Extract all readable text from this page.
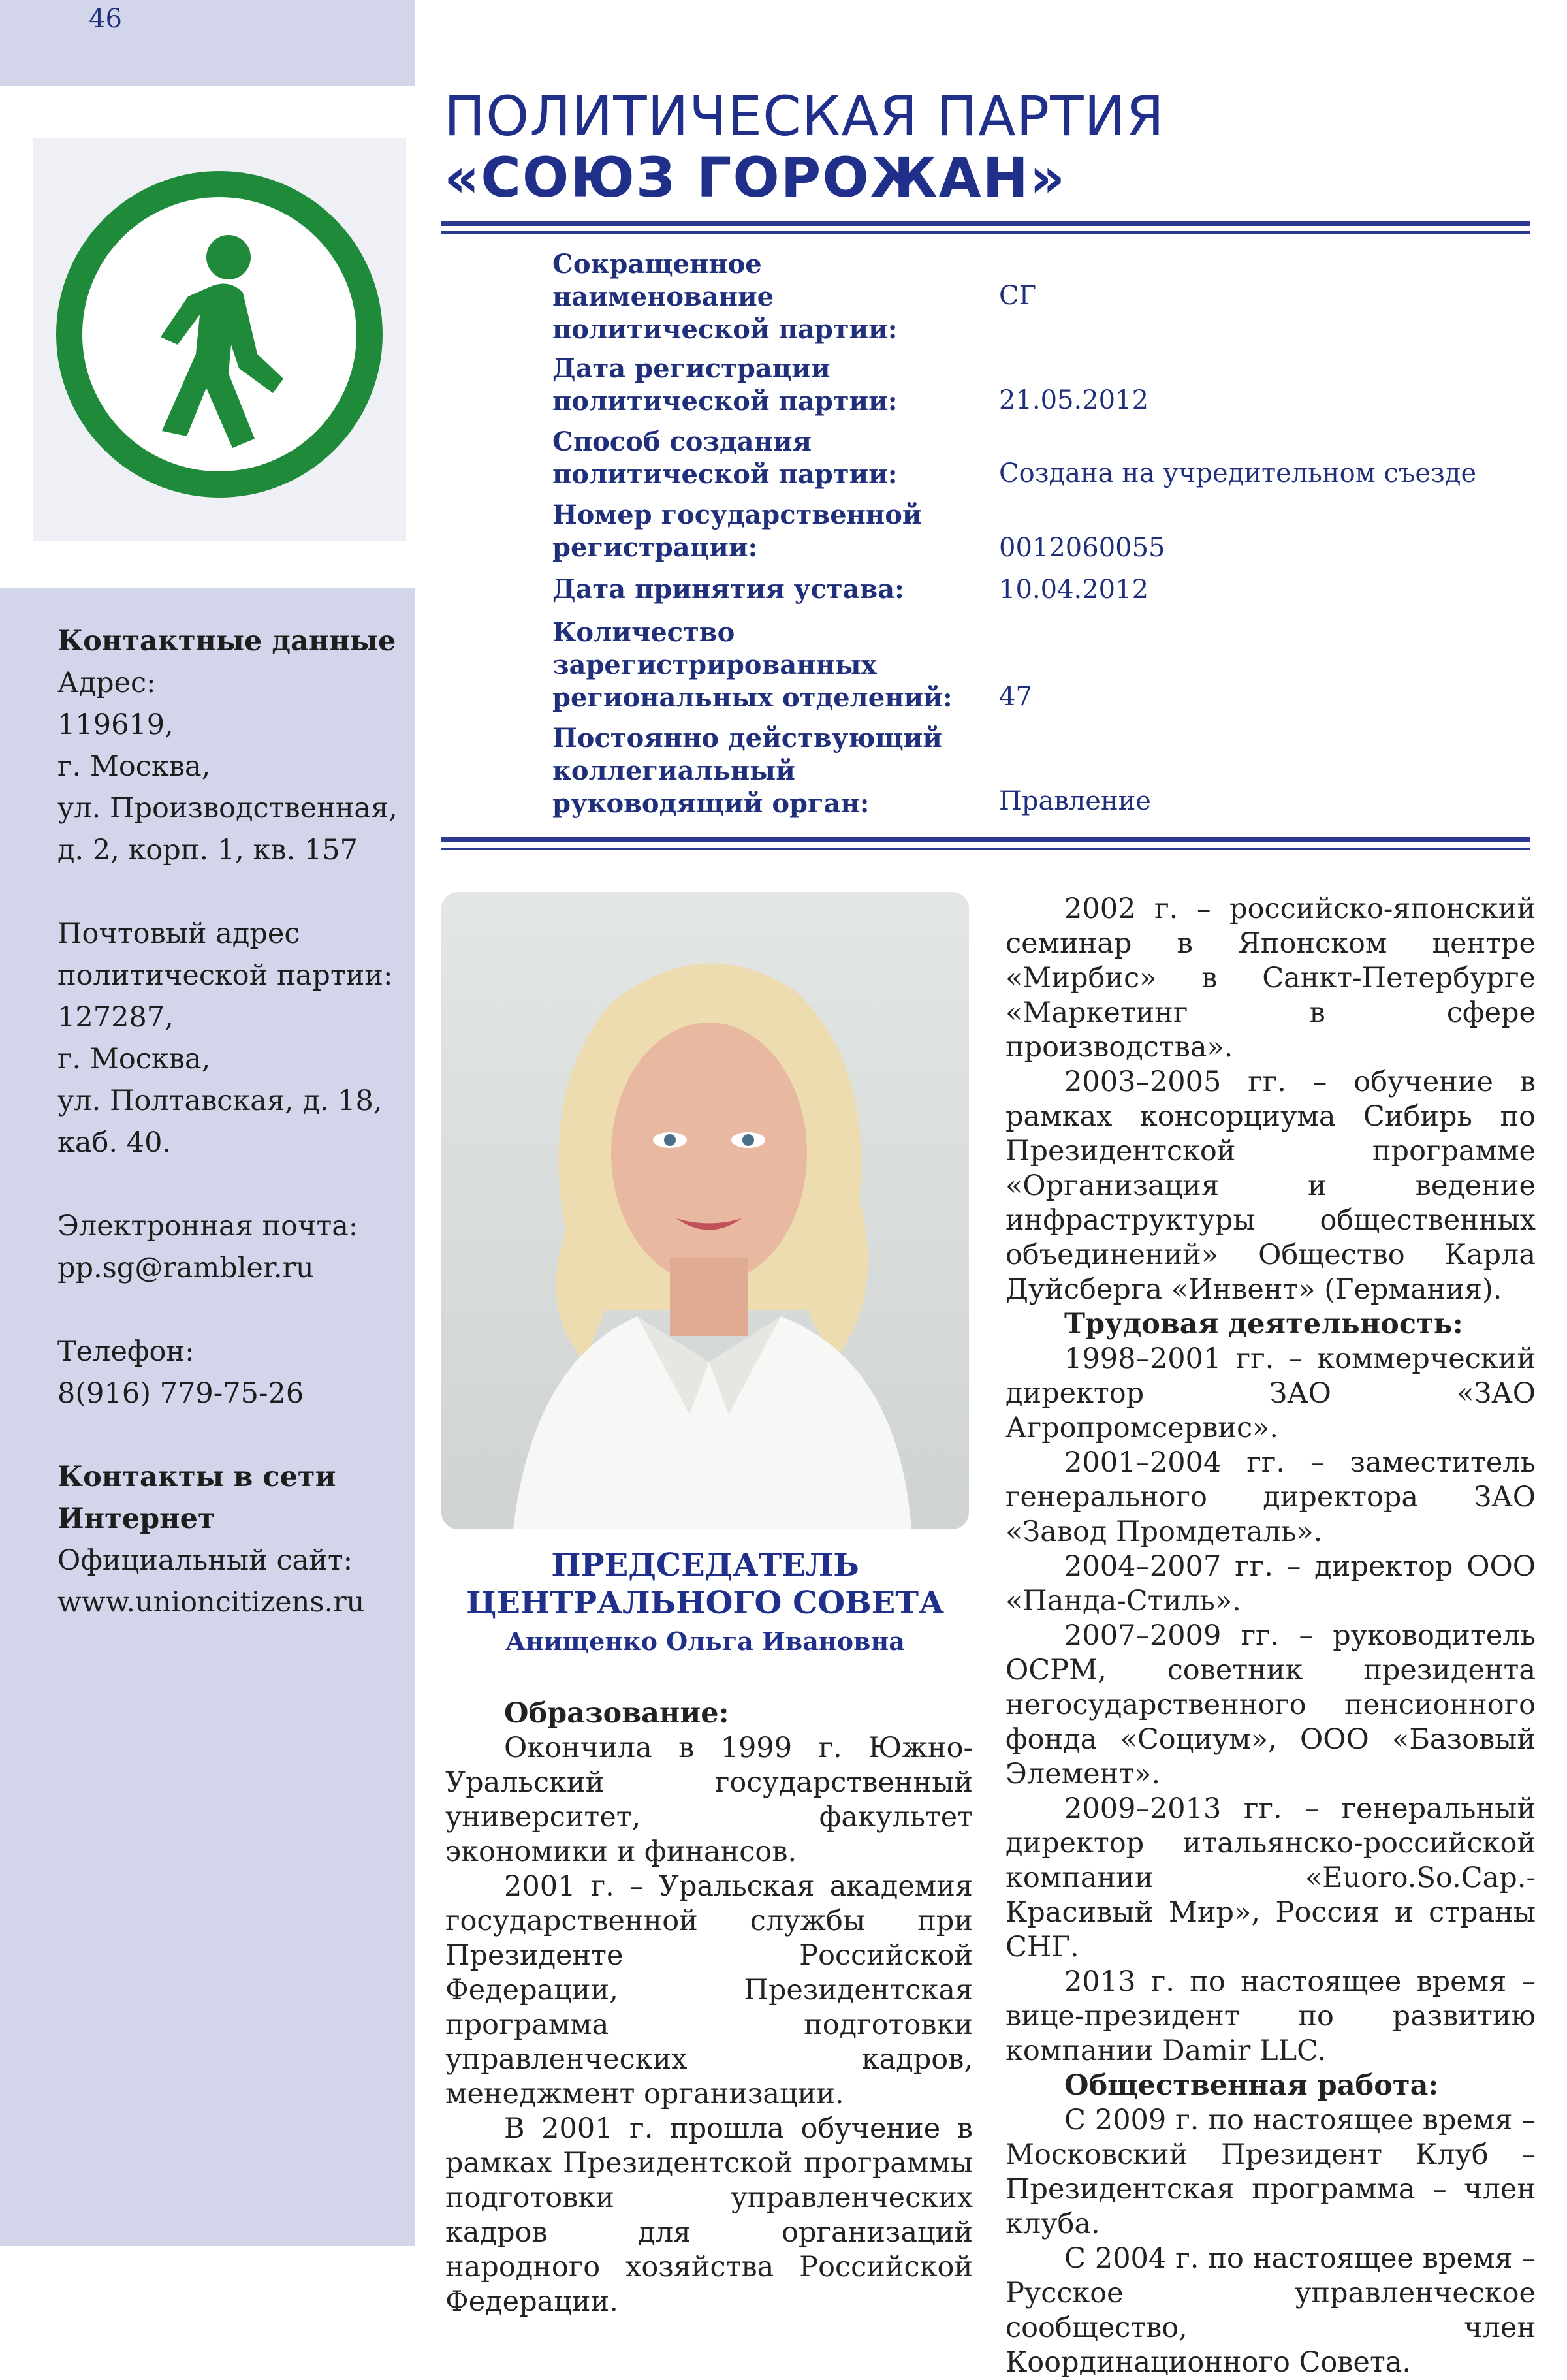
46
Контактные данные
Адрес:
119619,
г. Москва,
ул. Производственная,
д. 2, корп. 1, кв. 157
Почтовый адрес
политической партии:
127287,
г. Москва,
ул. Полтавская, д. 18,
каб. 40.
Электронная почта:
pp.sg@rambler.ru
Телефон:
8(916) 779-75-26
Контакты в сети
Интернет
Официальный сайт:
www.unioncitizens.ru
ПОЛИТИЧЕСКАЯ ПАРТИЯ
«СОЮЗ ГОРОЖАН»
Сокращенное наименование политической партии:
СГ
Дата регистрации политической партии:	21.05.2012
Способ создания политической партии:	Создана на учредительном съезде
Номер государственной регистрации:	0012060055
Дата принятия устава:	10.04.2012
Количество зарегистрированных региональных отделений:	47
Постоянно действующий коллегиальный руководящий орган:	Правление
ПРЕДСЕДАТЕЛЬ
ЦЕНТРАЛЬНОГО СОВЕТА
Анищенко Ольга Ивановна

Образование:

Окончила в 1999 г. Южно-Уральский государственный университет, факультет экономики и финансов.

2001 г. – Уральская академия государственной службы при Президенте Российской Федерации, Президентская программа подготовки управленческих кадров, менеджмент организации.

В 2001 г. прошла обучение в рамках Президентской программы подготовки управленческих кадров для организаций народного хозяйства Российской Федерации.

2002 г. – российско-японский семинар в Японском центре «Мирбис» в Санкт-Петербурге «Маркетинг в сфере производства».

2003–2005 гг. – обучение в рамках консорциума Сибирь по Президентской программе «Организация и ведение инфраструктуры общественных объединений» Общество Карла Дуйсберга «Инвент» (Германия).

Трудовая деятельность:

1998–2001 гг. – коммерческий директор ЗАО «ЗАО Агропромсервис».

2001–2004 гг. – заместитель генерального директора ЗАО «Завод Промдеталь».

2004–2007 гг. – директор ООО «Панда-Стиль».

2007–2009 гг. – руководитель ОСРМ, советник президента негосударственного пенсионного фонда «Социум», ООО «Базовый Элемент».

2009–2013 гг. – генеральный директор итальянско-российской компании «Euoro.So.Cap.-Красивый Мир», Россия и страны СНГ.

2013 г. по настоящее время – вице-президент по развитию компании Damir LLC.

Общественная работа:

С 2009 г. по настоящее время – Московский Президент Клуб – Президентская программа – член клуба.

С 2004 г. по настоящее время – Русское управленческое сообщество, член Координационного Совета.
